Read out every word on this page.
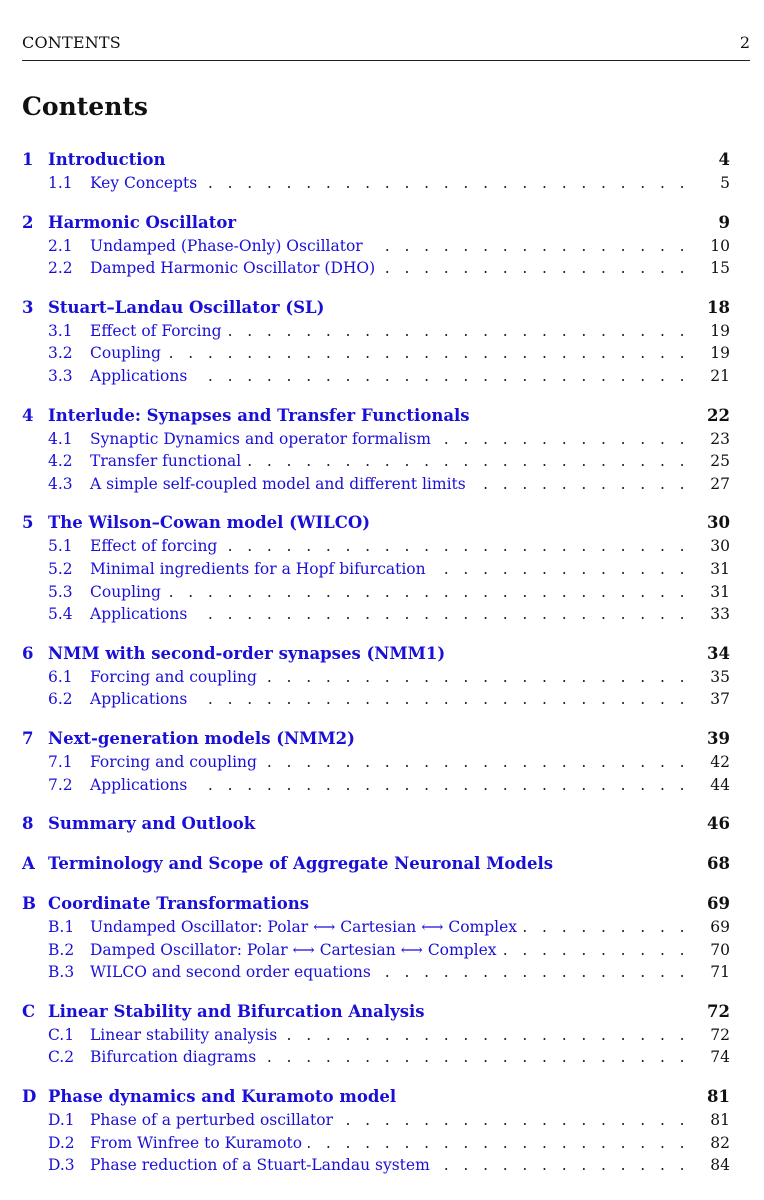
CONTENTS	2
Contents
1 Introduction	4
. . .
1.1 Key Concepts	5
2 Harmonic Oscillator	9
. . .
2.1 Undamped (Phase-Only) Oscillator	10
. . .
2.2 Damped Harmonic Oscillator (DHO)	15
3 Stuart–Landau Oscillator (SL)	18
. . .
3.1 Effect of Forcing	19
. . .
3.2 Coupling	19
. . .
3.3 Applications	21
4 Interlude: Synapses and Transfer Functionals	22
. . .
4.1 Synaptic Dynamics and operator formalism	23
. . .
4.2 Transfer functional	25
. . .
4.3 A simple self-coupled model and different limits	27
5 The Wilson–Cowan model (WILCO)	30
. . .
5.1 Effect of forcing	30
. . .
5.2 Minimal ingredients for a Hopf bifurcation	31
. . .
5.3 Coupling	31
. . .
5.4 Applications	33
6 NMM with second-order synapses (NMM1)	34
. . .
6.1 Forcing and coupling	35
. . .
6.2 Applications	37
7 Next-generation models (NMM2)	39
. . .
7.1 Forcing and coupling	42
. . .
7.2 Applications	44
8 Summary and Outlook	46
A Terminology and Scope of Aggregate Neuronal Models	68
B Coordinate Transformations	69
. . .
B.1 Undamped Oscillator: Polar ⟷ Cartesian ⟷ Complex	69
. . .
B.2 Damped Oscillator: Polar ⟷ Cartesian ⟷ Complex	70
. . .
B.3 WILCO and second order equations	71
C Linear Stability and Bifurcation Analysis	72
. . .
C.1 Linear stability analysis	72
. . .
C.2 Bifurcation diagrams	74
D Phase dynamics and Kuramoto model	81
. . .
D.1 Phase of a perturbed oscillator	81
. . .
D.2 From Winfree to Kuramoto	82
. . .
D.3 Phase reduction of a Stuart-Landau system	84
